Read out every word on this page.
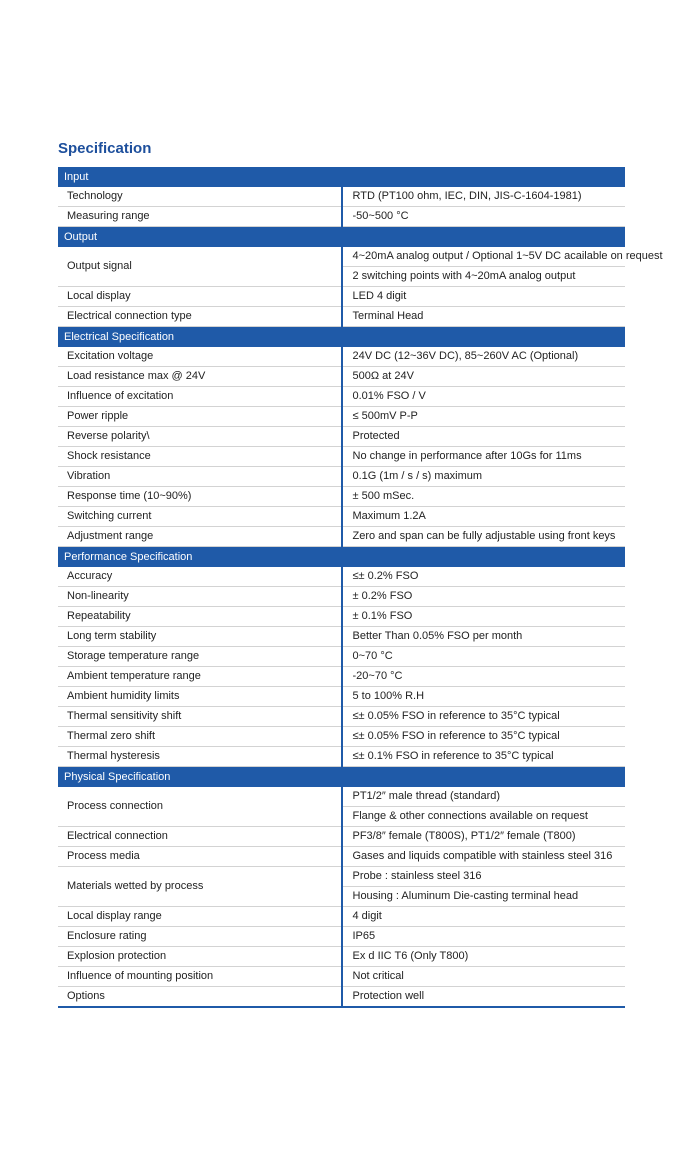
Specification
Input	
Technology	RTD (PT100 ohm, IEC, DIN, JIS-C-1604-1981)
Measuring range	-50~500 °C
Output	
Output signal	4~20mA analog output / Optional 1~5V DC acailable on request
	2 switching points with 4~20mA analog output
Local display	LED 4 digit
Electrical connection type	Terminal Head
Electrical Specification	
Excitation voltage	24V DC (12~36V DC), 85~260V AC (Optional)
Load resistance max @ 24V	500Ω at 24V
Influence of excitation	0.01% FSO / V
Power ripple	≤ 500mV P-P
Reverse polarity\	Protected
Shock resistance	No change in performance after 10Gs for 11ms
Vibration	0.1G (1m / s / s) maximum
Response time (10~90%)	± 500 mSec.
Switching current	Maximum 1.2A
Adjustment range	Zero and span can be fully adjustable using front keys
Performance Specification	
Accuracy	≤± 0.2% FSO
Non-linearity	± 0.2% FSO
Repeatability	± 0.1% FSO
Long term stability	Better Than 0.05% FSO per month
Storage temperature range	0~70 °C
Ambient temperature range	-20~70 °C
Ambient humidity limits	5 to 100% R.H
Thermal sensitivity shift	≤± 0.05% FSO in reference to 35°C typical
Thermal zero shift	≤± 0.05% FSO in reference to 35°C typical
Thermal hysteresis	≤± 0.1% FSO in reference to 35°C typical
Physical Specification	
Process connection	PT1/2″ male thread (standard)
	Flange & other connections available on request
Electrical connection	PF3/8″ female (T800S), PT1/2″ female (T800)
Process media	Gases and liquids compatible with stainless steel 316
Materials wetted by process	Probe : stainless steel 316
	Housing : Aluminum Die-casting terminal head
Local display range	4 digit
Enclosure rating	IP65
Explosion protection	Ex d IIC T6 (Only T800)
Influence of mounting position	Not critical
Options	Protection well
